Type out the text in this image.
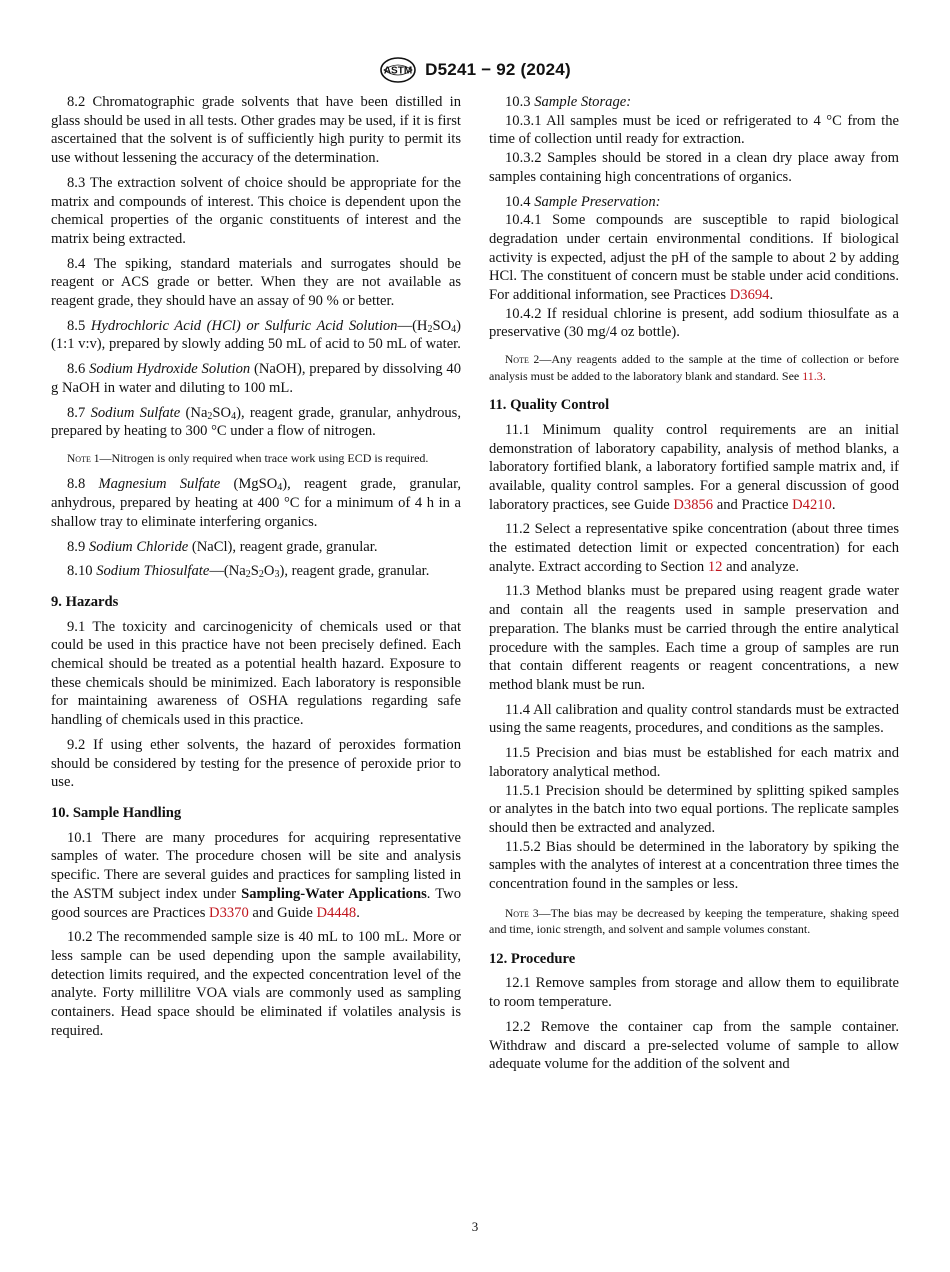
ASTM D5241 − 92 (2024)

8.2 Chromatographic grade solvents that have been distilled in glass should be used in all tests. Other grades may be used, if it is first ascertained that the solvent is of sufficiently high purity to permit its use without lessening the accuracy of the determination.

8.3 The extraction solvent of choice should be appropriate for the matrix and compounds of interest. This choice is dependent upon the chemical properties of the organic constituents of interest and the matrix being extracted.

8.4 The spiking, standard materials and surrogates should be reagent or ACS grade or better. When they are not available as reagent grade, they should have an assay of 90 % or better.

8.5 Hydrochloric Acid (HCl) or Sulfuric Acid $Solution—(H_2SO_4)$ (1:1 v:v), prepared by slowly adding 50 mL of acid to 50 mL of water.

8.6 Sodium Hydroxide Solution (NaOH), prepared by dissolving 40 g NaOH in water and diluting to 100 mL.

8.7 Sodium Sulfate $(Na_2SO_4)$, reagent grade, granular, anhydrous, prepared by heating to 300 °C under a flow of nitrogen.

Note 1—Nitrogen is only required when trace work using ECD is required.

8.8 Magnesium Sulfate (MgSO$_4$), reagent grade, granular, anhydrous, prepared by heating at 400 °C for a minimum of 4 h in a shallow tray to eliminate interfering organics.

8.9 Sodium Chloride (NaCl), reagent grade, granular.

8.10 Sodium $Thiosulfate—(Na_2S_2O_3)$, reagent grade, granular.

9. Hazards

9.1 The toxicity and carcinogenicity of chemicals used or that could be used in this practice have not been precisely defined. Each chemical should be treated as a potential health hazard. Exposure to these chemicals should be minimized. Each laboratory is responsible for maintaining awareness of OSHA regulations regarding safe handling of chemicals used in this practice.

9.2 If using ether solvents, the hazard of peroxides formation should be considered by testing for the presence of peroxide prior to use.

10. Sample Handling

10.1 There are many procedures for acquiring representative samples of water. The procedure chosen will be site and analysis specific. There are several guides and practices for sampling listed in the ASTM subject index under Sampling-Water Applications. Two good sources are Practices D3370 and Guide D4448.

10.2 The recommended sample size is 40 mL to 100 mL. More or less sample can be used depending upon the sample availability, detection limits required, and the expected concentration level of the analyte. Forty millilitre VOA vials are commonly used as sampling containers. Head space should be eliminated if volatiles analysis is required.

10.3 Sample Storage:

10.3.1 All samples must be iced or refrigerated to 4 °C from the time of collection until ready for extraction.

10.3.2 Samples should be stored in a clean dry place away from samples containing high concentrations of organics.

10.4 Sample Preservation:

10.4.1 Some compounds are susceptible to rapid biological degradation under certain environmental conditions. If biological activity is expected, adjust the pH of the sample to about 2 by adding HCl. The constituent of concern must be stable under acid conditions. For additional information, see Practices D3694.

10.4.2 If residual chlorine is present, add sodium thiosulfate as a preservative (30 mg/4 oz bottle).

Note 2—Any reagents added to the sample at the time of collection or before analysis must be added to the laboratory blank and standard. See 11.3.
11. Quality Control

11.1 Minimum quality control requirements are an initial demonstration of laboratory capability, analysis of method blanks, a laboratory fortified blank, a laboratory fortified sample matrix and, if available, quality control samples. For a general discussion of good laboratory practices, see Guide D3856 and Practice D4210.

11.2 Select a representative spike concentration (about three times the estimated detection limit or expected concentration) for each analyte. Extract according to Section 12 and analyze.

11.3 Method blanks must be prepared using reagent grade water and contain all the reagents used in sample preservation and preparation. The blanks must be carried through the entire analytical procedure with the samples. Each time a group of samples are run that contain different reagents or reagent concentrations, a new method blank must be run.

11.4 All calibration and quality control standards must be extracted using the same reagents, procedures, and conditions as the samples.

11.5 Precision and bias must be established for each matrix and laboratory analytical method.

11.5.1 Precision should be determined by splitting spiked samples or analytes in the batch into two equal portions. The replicate samples should then be extracted and analyzed.

11.5.2 Bias should be determined in the laboratory by spiking the samples with the analytes of interest at a concentration three times the concentration found in the samples or less.

Note 3—The bias may be decreased by keeping the temperature, shaking speed and time, ionic strength, and solvent and sample volumes constant.
12. Procedure

12.1 Remove samples from storage and allow them to equilibrate to room temperature.

12.2 Remove the container cap from the sample container. Withdraw and discard a pre-selected volume of sample to allow adequate volume for the addition of the solvent and

3
